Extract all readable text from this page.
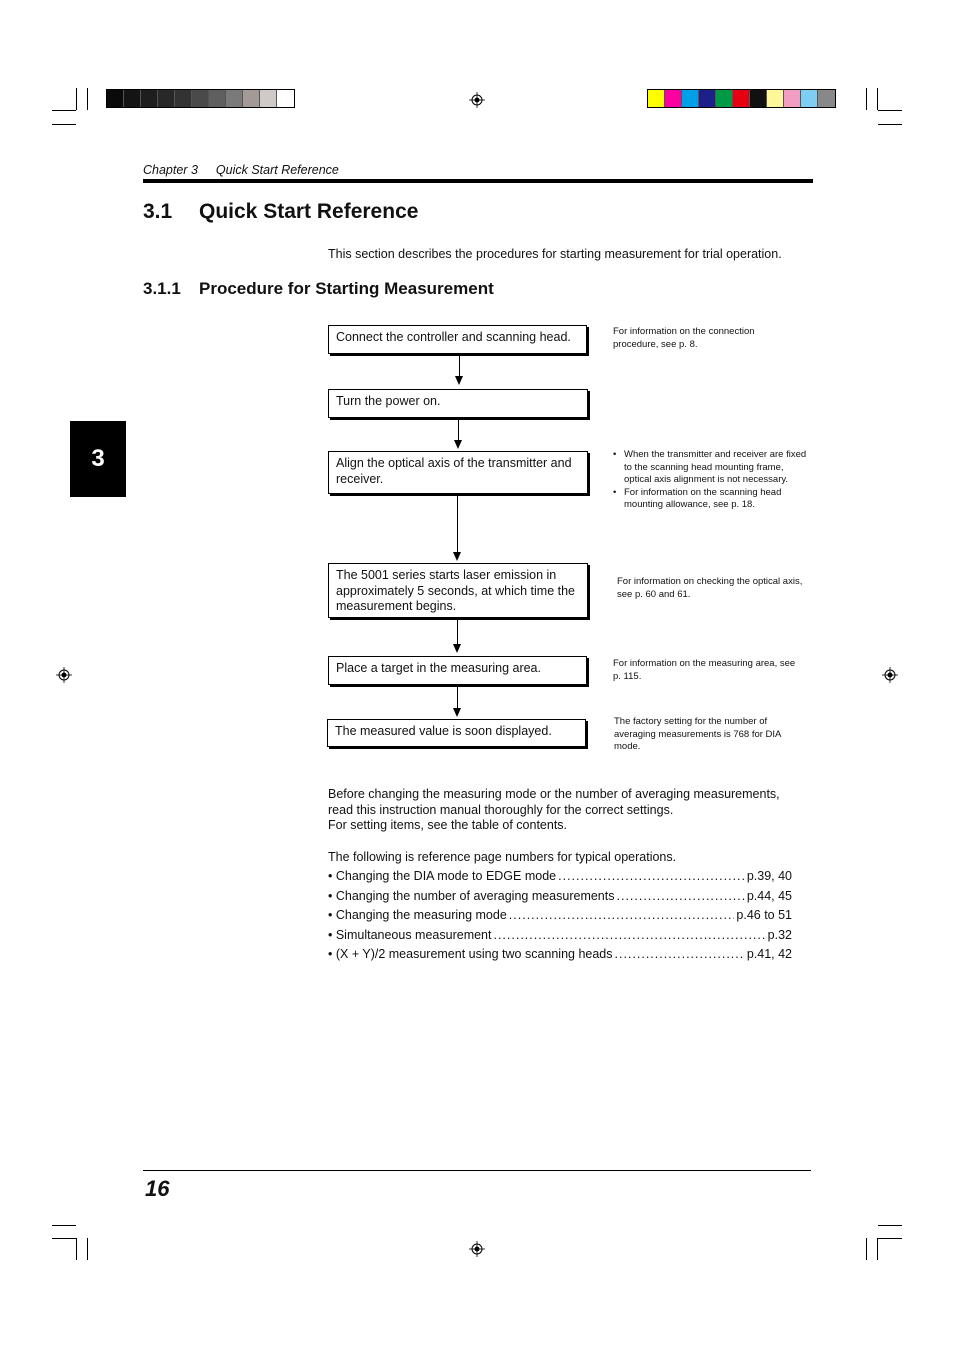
Chapter 3 Quick Start Reference
3.1 Quick Start Reference
This section describes the procedures for starting measurement for trial operation.
3.1.1 Procedure for Starting Measurement
3
Connect the controller and scanning head.
Turn the power on.
Align the optical axis of the transmitter and receiver.
The 5001 series starts laser emission in approximately 5 seconds, at which time the measurement begins.
Place a target in the measuring area.
The measured value is soon displayed.
For information on the connection procedure, see p. 8.
• When the transmitter and receiver are fixed to the scanning head mounting frame, optical axis alignment is not necessary.
• For information on the scanning head mounting allowance, see p. 18.
For information on checking the optical axis, see p. 60 and 61.
For information on the measuring area, see p. 115.
The factory setting for the number of averaging measurements is 768 for DIA mode.
Before changing the measuring mode or the number of averaging measurements,
read this instruction manual thoroughly for the correct settings.
For setting items, see the table of contents.
The following is reference page numbers for typical operations.
• Changing the DIA mode to EDGE mode .....	p.39, 40
• Changing the number of averaging measurements .....	p.44, 45
• Changing the measuring mode .....	p.46 to 51
• Simultaneous measurement .....	p.32
• (X + Y)/2 measurement using two scanning heads .....	p.41, 42
16
